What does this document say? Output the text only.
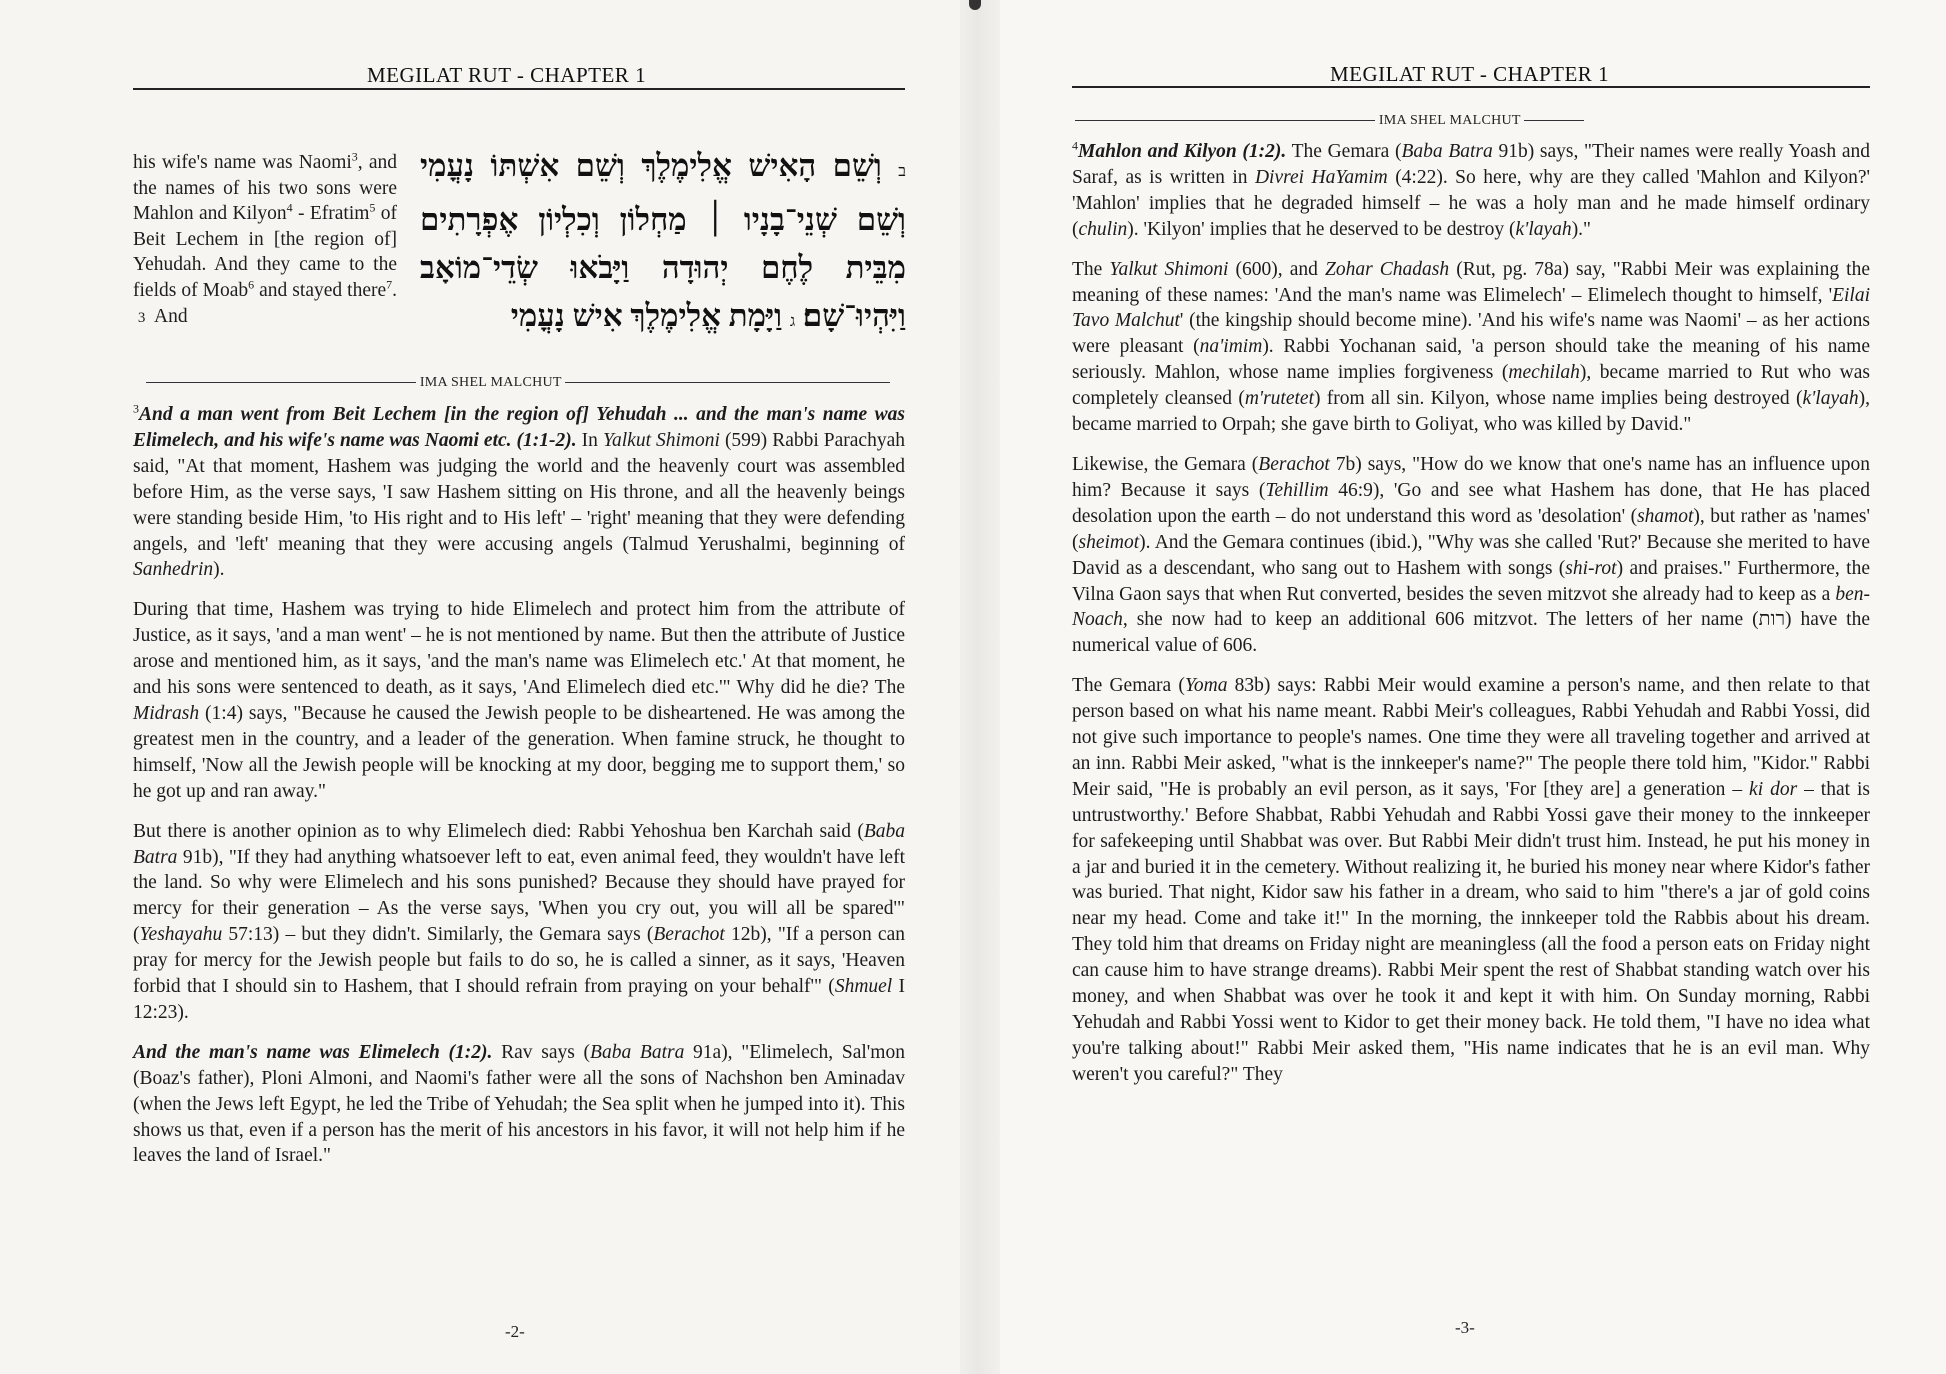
MEGILAT RUT - CHAPTER 1
his wife's name was Naomi$^3$, and the names of his two sons were Mahlon and Kilyon$^4$ - Efratim$^5$ of Beit Lechem in [the region of] Yehudah. And they came to the fields of Moab$^6$ and stayed there$^7$.  3  And
ב וְשֵׁם הָאִישׁ אֱלִימֶלֶךְ וְשֵׁם אִשְׁתּוֹ נָעֳמִי וְשֵׁם שְׁנֵי־בָנָיו ׀ מַחְלוֹן וְכִלְיוֹן אֶפְרָתִים מִבֵּית לֶחֶם יְהוּדָה וַיָּבֹאוּ שְׂדֵי־מוֹאָב וַיִּהְיוּ־שָׁם׃ ג וַיָּמָת אֱלִימֶלֶךְ אִישׁ נָעֳמִי
IMA SHEL MALCHUT

$^3$And a man went from Beit Lechem [in the region of] Yehudah ... and the man's name was Elimelech, and his wife's name was Naomi etc. (1:1-2). In Yalkut Shimoni (599) Rabbi Parachyah said, "At that moment, Hashem was judging the world and the heavenly court was assembled before Him, as the verse says, 'I saw Hashem sitting on His throne, and all the heavenly beings were standing beside Him, 'to His right and to His left' – 'right' meaning that they were defending angels, and 'left' meaning that they were accusing angels (Talmud Yerushalmi, beginning of Sanhedrin).

During that time, Hashem was trying to hide Elimelech and protect him from the attribute of Justice, as it says, 'and a man went' – he is not mentioned by name. But then the attribute of Justice arose and mentioned him, as it says, 'and the man's name was Elimelech etc.' At that moment, he and his sons were sentenced to death, as it says, 'And Elimelech died etc.'" Why did he die? The Midrash (1:4) says, "Because he caused the Jewish people to be disheartened. He was among the greatest men in the country, and a leader of the generation. When famine struck, he thought to himself, 'Now all the Jewish people will be knocking at my door, begging me to support them,' so he got up and ran away."

But there is another opinion as to why Elimelech died: Rabbi Yehoshua ben Karchah said (Baba Batra 91b), "If they had anything whatsoever left to eat, even animal feed, they wouldn't have left the land. So why were Elimelech and his sons punished? Because they should have prayed for mercy for their generation – As the verse says, 'When you cry out, you will all be spared'" (Yeshayahu 57:13) – but they didn't. Similarly, the Gemara says (Berachot 12b), "If a person can pray for mercy for the Jewish people but fails to do so, he is called a sinner, as it says, 'Heaven forbid that I should sin to Hashem, that I should refrain from praying on your behalf'" (Shmuel I 12:23).

And the man's name was Elimelech (1:2). Rav says (Baba Batra 91a), "Elimelech, Sal'mon (Boaz's father), Ploni Almoni, and Naomi's father were all the sons of Nachshon ben Aminadav (when the Jews left Egypt, he led the Tribe of Yehudah; the Sea split when he jumped into it). This shows us that, even if a person has the merit of his ancestors in his favor, it will not help him if he leaves the land of Israel."

-2-
MEGILAT RUT - CHAPTER 1
IMA SHEL MALCHUT

$^4$Mahlon and Kilyon (1:2). The Gemara (Baba Batra 91b) says, "Their names were really Yoash and Saraf, as is written in Divrei HaYamim (4:22). So here, why are they called 'Mahlon and Kilyon?' 'Mahlon' implies that he degraded himself – he was a holy man and he made himself ordinary (chulin). 'Kilyon' implies that he deserved to be destroy (k'layah)."

The Yalkut Shimoni (600), and Zohar Chadash (Rut, pg. 78a) say, "Rabbi Meir was explaining the meaning of these names: 'And the man's name was Elimelech' – Elimelech thought to himself, 'Eilai Tavo Malchut' (the kingship should become mine). 'And his wife's name was Naomi' – as her actions were pleasant (na'imim). Rabbi Yochanan said, 'a person should take the meaning of his name seriously. Mahlon, whose name implies forgiveness (mechilah), became married to Rut who was completely cleansed (m'rutetet) from all sin. Kilyon, whose name implies being destroyed (k'layah), became married to Orpah; she gave birth to Goliyat, who was killed by David."

Likewise, the Gemara (Berachot 7b) says, "How do we know that one's name has an influence upon him? Because it says (Tehillim 46:9), 'Go and see what Hashem has done, that He has placed desolation upon the earth – do not understand this word as 'desolation' (shamot), but rather as 'names' (sheimot). And the Gemara continues (ibid.), "Why was she called 'Rut?' Because she merited to have David as a descendant, who sang out to Hashem with songs (shi-rot) and praises." Furthermore, the Vilna Gaon says that when Rut converted, besides the seven mitzvot she already had to keep as a ben-Noach, she now had to keep an additional 606 mitzvot. The letters of her name (רות) have the numerical value of 606.

The Gemara (Yoma 83b) says: Rabbi Meir would examine a person's name, and then relate to that person based on what his name meant. Rabbi Meir's colleagues, Rabbi Yehudah and Rabbi Yossi, did not give such importance to people's names. One time they were all traveling together and arrived at an inn. Rabbi Meir asked, "what is the innkeeper's name?" The people there told him, "Kidor." Rabbi Meir said, "He is probably an evil person, as it says, 'For [they are] a generation – ki dor – that is untrustworthy.' Before Shabbat, Rabbi Yehudah and Rabbi Yossi gave their money to the innkeeper for safekeeping until Shabbat was over. But Rabbi Meir didn't trust him. Instead, he put his money in a jar and buried it in the cemetery. Without realizing it, he buried his money near where Kidor's father was buried. That night, Kidor saw his father in a dream, who said to him "there's a jar of gold coins near my head. Come and take it!" In the morning, the innkeeper told the Rabbis about his dream. They told him that dreams on Friday night are meaningless (all the food a person eats on Friday night can cause him to have strange dreams). Rabbi Meir spent the rest of Shabbat standing watch over his money, and when Shabbat was over he took it and kept it with him. On Sunday morning, Rabbi Yehudah and Rabbi Yossi went to Kidor to get their money back. He told them, "I have no idea what you're talking about!" Rabbi Meir asked them, "His name indicates that he is an evil man. Why weren't you careful?" They

-3-
